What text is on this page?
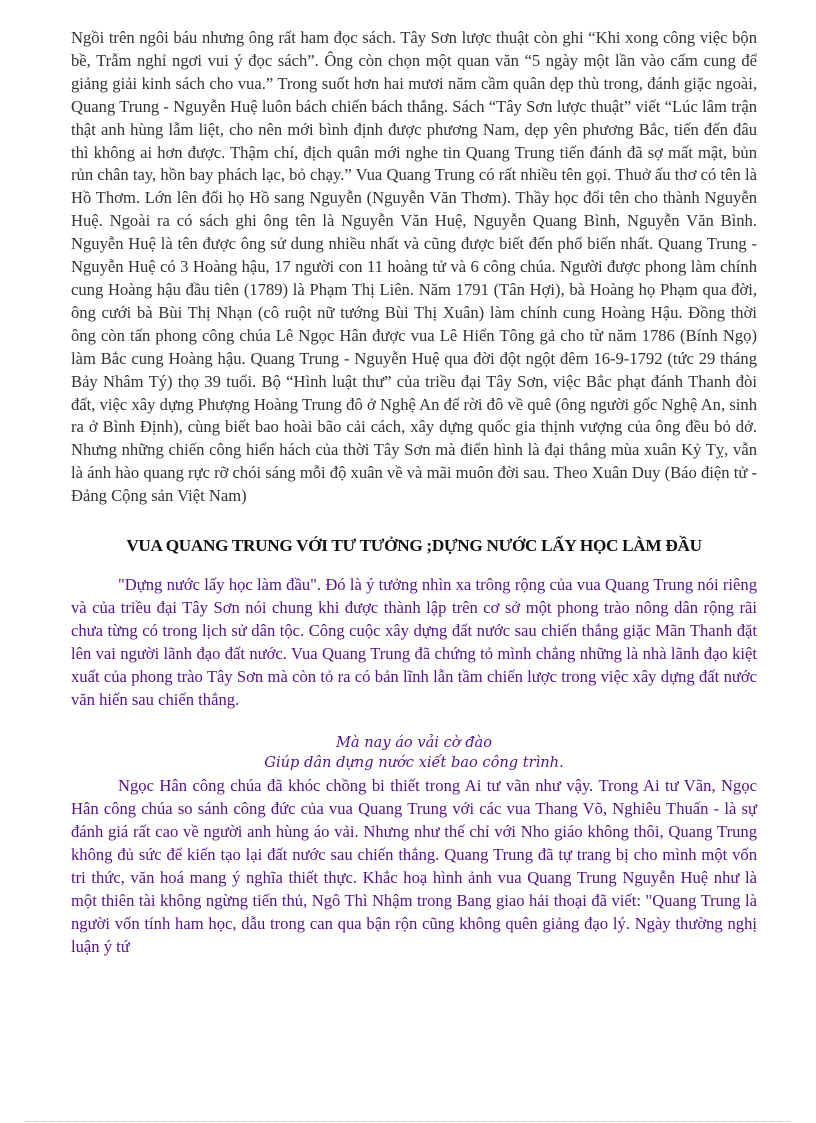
Ngồi trên ngôi báu nhưng ông rất ham đọc sách. Tây Sơn lược thuật còn ghi “Khi xong công việc bộn bề, Trẫm nghỉ ngơi vui ý đọc sách”. Ông còn chọn một quan văn “5 ngày một lần vào cấm cung để giảng giải kinh sách cho vua.” Trong suốt hơn hai mươi năm cầm quân dẹp thù trong, đánh giặc ngoài, Quang Trung - Nguyễn Huệ luôn bách chiến bách thắng. Sách “Tây Sơn lược thuật” viết “Lúc lâm trận thật anh hùng lẫm liệt, cho nên mới bình định được phương Nam, dẹp yên phương Bắc, tiến đến đâu thì không ai hơn được. Thậm chí, địch quân mới nghe tin Quang Trung tiến đánh đã sợ mất mật, bủn rủn chân tay, hồn bay phách lạc, bỏ chạy.” Vua Quang Trung có rất nhiều tên gọi. Thuở ấu thơ có tên là Hồ Thơm. Lớn lên đổi họ Hồ sang Nguyễn (Nguyễn Văn Thơm). Thầy học đổi tên cho thành Nguyễn Huệ. Ngoài ra có sách ghi ông tên là Nguyễn Văn Huệ, Nguyễn Quang Bình, Nguyễn Văn Bình. Nguyễn Huệ là tên được ông sử dung nhiều nhất và cũng được biết đến phổ biến nhất. Quang Trung - Nguyễn Huệ có 3 Hoàng hậu, 17 người con 11 hoàng tử và 6 công chúa. Người được phong làm chính cung Hoàng hậu đầu tiên (1789) là Phạm Thị Liên. Năm 1791 (Tân Hợi), bà Hoàng họ Phạm qua đời, ông cưới bà Bùi Thị Nhạn (cô ruột nữ tướng Bùi Thị Xuân) làm chính cung Hoàng Hậu. Đồng thời ông còn tấn phong công chúa Lê Ngọc Hân được vua Lê Hiển Tông gả cho từ năm 1786 (Bính Ngọ) làm Bắc cung Hoàng hậu. Quang Trung - Nguyễn Huệ qua đời đột ngột đêm 16-9-1792 (tức 29 tháng Bảy Nhâm Tý) thọ 39 tuổi. Bộ “Hình luật thư” của triều đại Tây Sơn, việc Bắc phạt đánh Thanh đòi đất, việc xây dựng Phượng Hoàng Trung đô ở Nghệ An để rời đô về quê (ông người gốc Nghệ An, sinh ra ở Bình Định), cùng biết bao hoài bão cải cách, xây dựng quốc gia thịnh vượng của ông đều bỏ dở. Nhưng những chiến công hiển hách của thời Tây Sơn mà điển hình là đại thắng mùa xuân Kỷ Tỵ, vẫn là ánh hào quang rực rỡ chói sáng mỗi độ xuân về và mãi muôn đời sau. Theo Xuân Duy (Báo điện tử - Đảng Cộng sản Việt Nam)

VUA QUANG TRUNG VỚI TƯ TƯỞNG ;DỰNG NƯỚC LẤY HỌC LÀM ĐẦU

"Dựng nước lấy học làm đầu". Đó là ý tưởng nhìn xa trông rộng của vua Quang Trung nói riêng và của triều đại Tây Sơn nói chung khi được thành lập trên cơ sở một phong trào nông dân rộng rãi chưa từng có trong lịch sử dân tộc. Công cuộc xây dựng đất nước sau chiến thắng giặc Mãn Thanh đặt lên vai người lãnh đạo đất nước. Vua Quang Trung đã chứng tỏ mình chẳng những là nhà lãnh đạo kiệt xuất của phong trào Tây Sơn mà còn tỏ ra có bản lĩnh lẫn tầm chiến lược trong việc xây dựng đất nước văn hiến sau chiến thắng.

Mà nay áo vải cờ đào
Giúp dân dựng nước xiết bao công trình.

Ngọc Hân công chúa đã khóc chồng bi thiết trong Ai tư vãn như vậy. Trong Ai tư Vãn, Ngọc Hân công chúa so sánh công đức của vua Quang Trung với các vua Thang Võ, Nghiêu Thuấn - là sự đánh giá rất cao về người anh hùng áo vải. Nhưng như thế chỉ với Nho giáo không thôi, Quang Trung không đủ sức để kiến tạo lại đất nước sau chiến thắng. Quang Trung đã tự trang bị cho mình một vốn tri thức, văn hoá mang ý nghĩa thiết thực. Khắc hoạ hình ảnh vua Quang Trung Nguyễn Huệ như là một thiên tài không ngừng tiến thủ, Ngô Thì Nhậm trong Bang giao hải thoại đã viết: "Quang Trung là người vốn tính ham học, dẫu trong can qua bận rộn cũng không quên giảng đạo lý. Ngày thường nghị luận ý tứ
